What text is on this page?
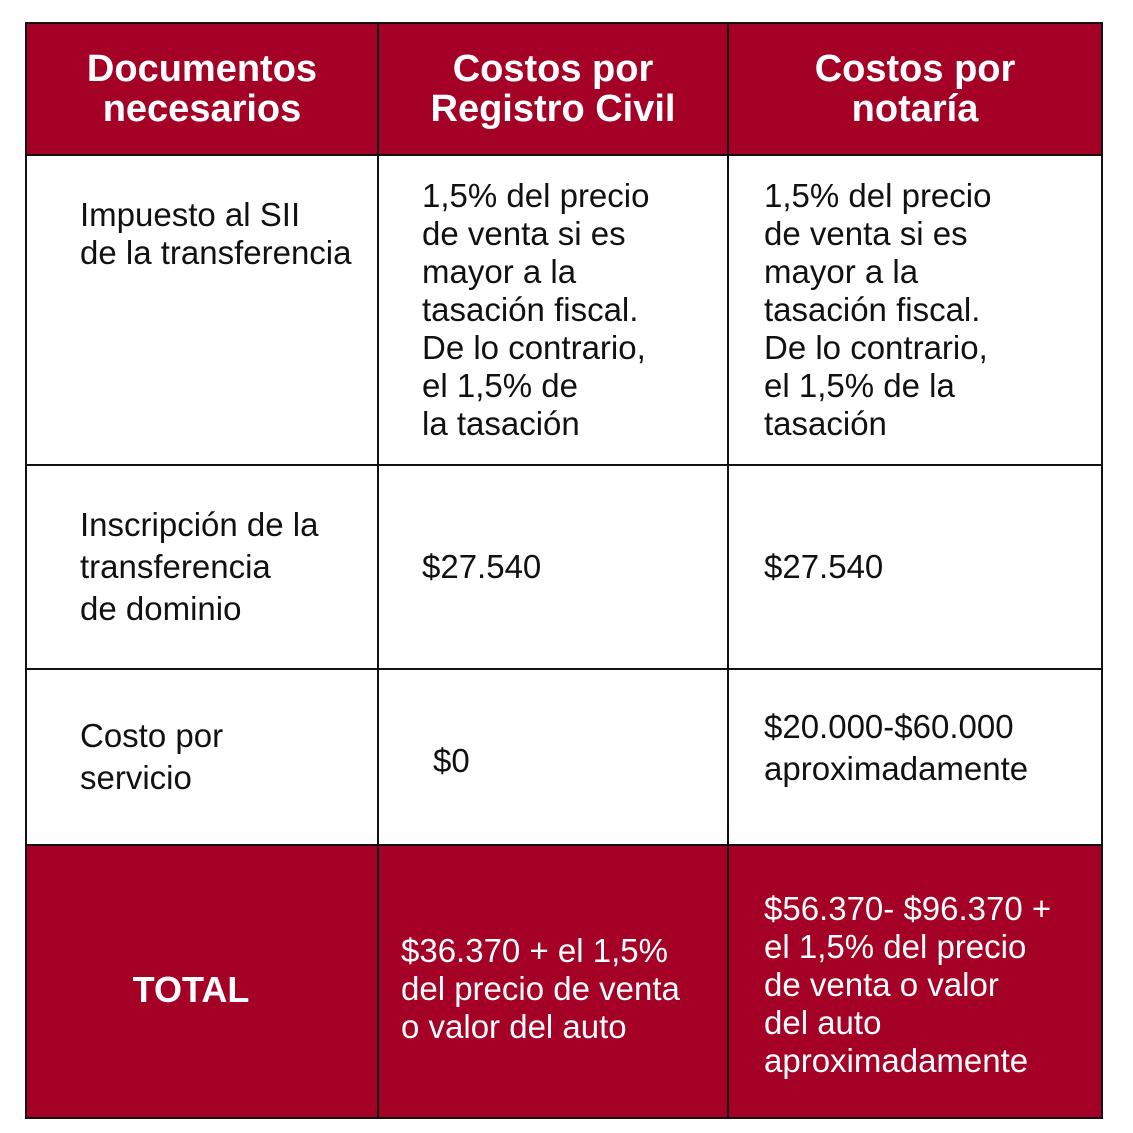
Documentos
necesarios
Costos por
Registro Civil
Costos por
notaría
Impuesto al SII
de la transferencia
1,5% del precio
de venta si es
mayor a la
tasación fiscal.
De lo contrario,
el 1,5% de
la tasación
1,5% del precio
de venta si es
mayor a la
tasación fiscal.
De lo contrario,
el 1,5% de la
tasación
Inscripción de la
transferencia
de dominio
$27.540	$27.540
Costo por
servicio	$0
$20.000-$60.000
aproximadamente
TOTAL
$36.370 + el 1,5%
del precio de venta
o valor del auto
$56.370- $96.370 +
el 1,5% del precio
de venta o valor
del auto
aproximadamente
